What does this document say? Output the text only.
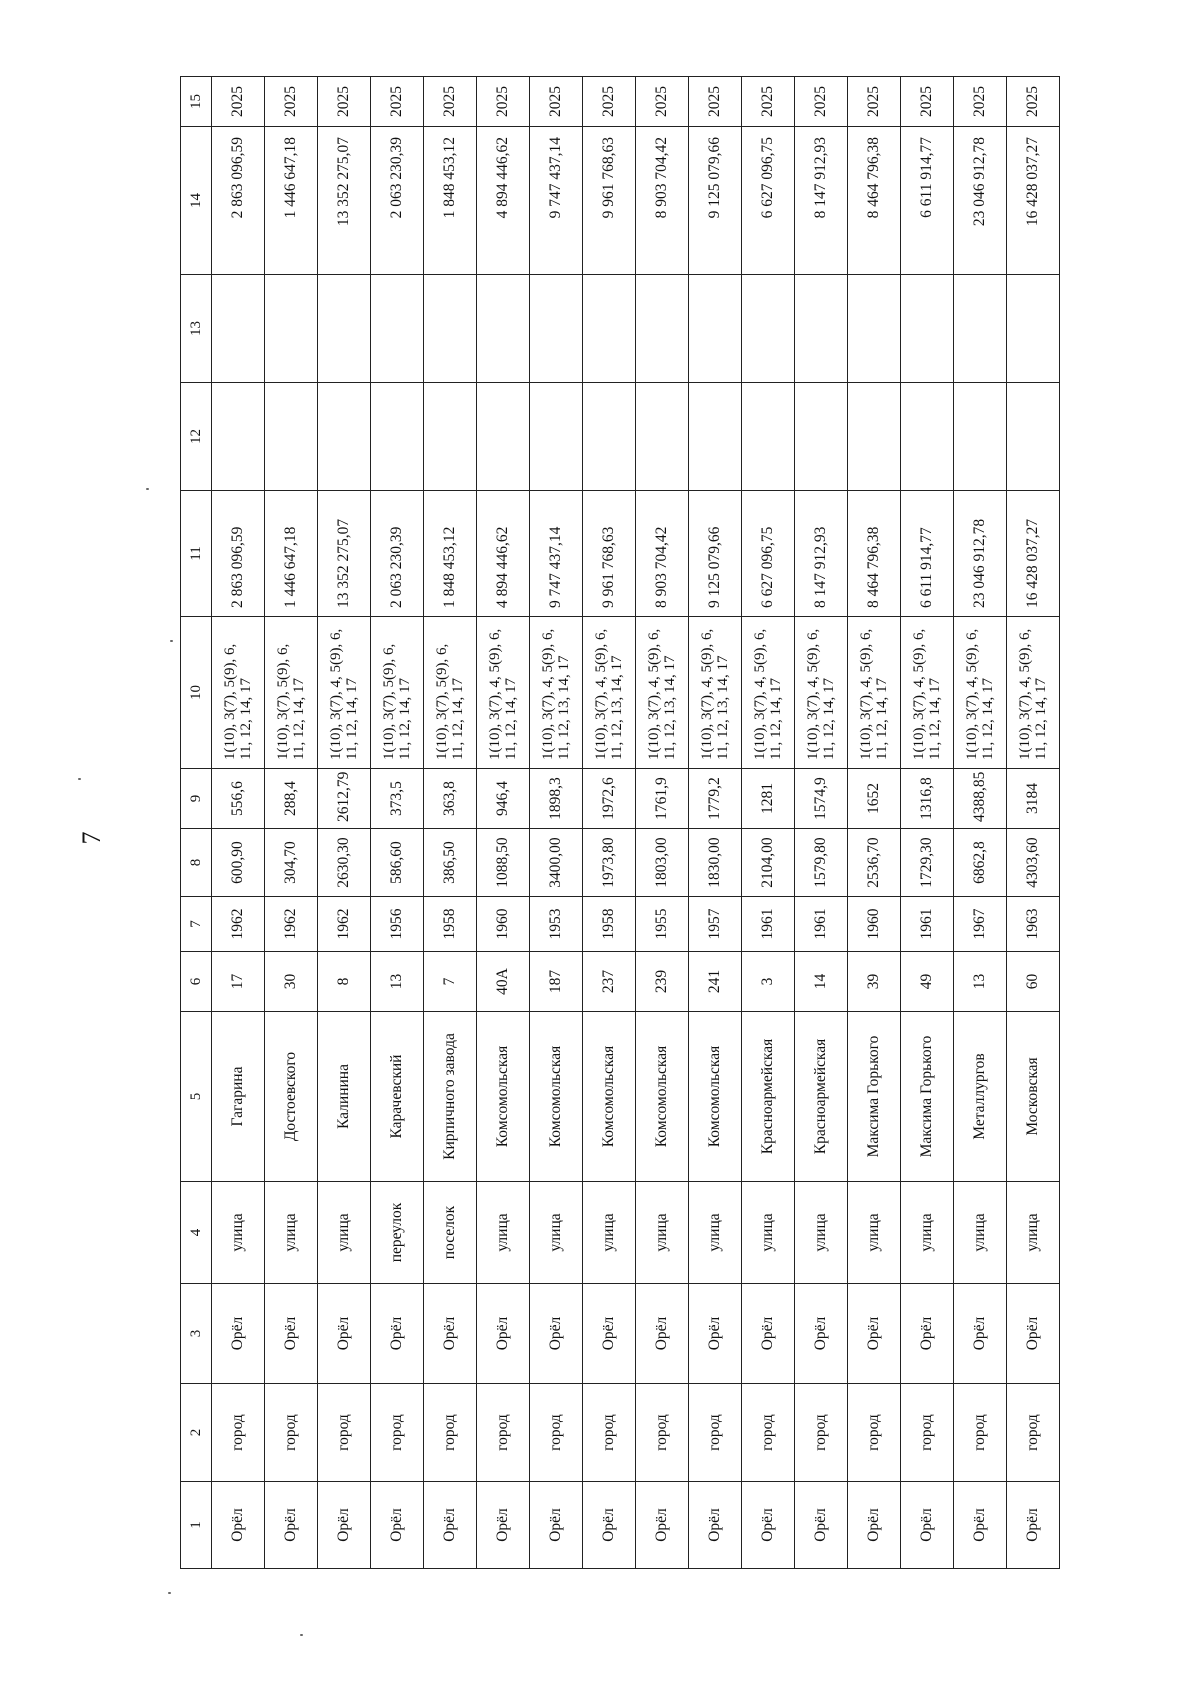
7
1	2	3	4	5	6	7	8	9	10	11	12	13	14	15
Орёл	город	Орёл	улица	Гагарина	17	1962	600,90	556,6	1(10), 3(7), 5(9), 6, 11, 12, 14, 17	2 863 096,59			2 863 096,59	2025
Орёл	город	Орёл	улица	Достоевского	30	1962	304,70	288,4	1(10), 3(7), 5(9), 6, 11, 12, 14, 17	1 446 647,18			1 446 647,18	2025
Орёл	город	Орёл	улица	Калинина	8	1962	2630,30	2612,79	1(10), 3(7), 4, 5(9), 6, 11, 12, 14, 17	13 352 275,07			13 352 275,07	2025
Орёл	город	Орёл	переулок	Карачевский	13	1956	586,60	373,5	1(10), 3(7), 5(9), 6, 11, 12, 14, 17	2 063 230,39			2 063 230,39	2025
Орёл	город	Орёл	поселок	Кирпичного завода	7	1958	386,50	363,8	1(10), 3(7), 5(9), 6, 11, 12, 14, 17	1 848 453,12			1 848 453,12	2025
Орёл	город	Орёл	улица	Комсомольская	40А	1960	1088,50	946,4	1(10), 3(7), 4, 5(9), 6, 11, 12, 14, 17	4 894 446,62			4 894 446,62	2025
Орёл	город	Орёл	улица	Комсомольская	187	1953	3400,00	1898,3	1(10), 3(7), 4, 5(9), 6, 11, 12, 13, 14, 17	9 747 437,14			9 747 437,14	2025
Орёл	город	Орёл	улица	Комсомольская	237	1958	1973,80	1972,6	1(10), 3(7), 4, 5(9), 6, 11, 12, 13, 14, 17	9 961 768,63			9 961 768,63	2025
Орёл	город	Орёл	улица	Комсомольская	239	1955	1803,00	1761,9	1(10), 3(7), 4, 5(9), 6, 11, 12, 13, 14, 17	8 903 704,42			8 903 704,42	2025
Орёл	город	Орёл	улица	Комсомольская	241	1957	1830,00	1779,2	1(10), 3(7), 4, 5(9), 6, 11, 12, 13, 14, 17	9 125 079,66			9 125 079,66	2025
Орёл	город	Орёл	улица	Красноармейская	3	1961	2104,00	1281	1(10), 3(7), 4, 5(9), 6, 11, 12, 14, 17	6 627 096,75			6 627 096,75	2025
Орёл	город	Орёл	улица	Красноармейская	14	1961	1579,80	1574,9	1(10), 3(7), 4, 5(9), 6, 11, 12, 14, 17	8 147 912,93			8 147 912,93	2025
Орёл	город	Орёл	улица	Максима Горького	39	1960	2536,70	1652	1(10), 3(7), 4, 5(9), 6, 11, 12, 14, 17	8 464 796,38			8 464 796,38	2025
Орёл	город	Орёл	улица	Максима Горького	49	1961	1729,30	1316,8	1(10), 3(7), 4, 5(9), 6, 11, 12, 14, 17	6 611 914,77			6 611 914,77	2025
Орёл	город	Орёл	улица	Металлургов	13	1967	6862,8	4388,85	1(10), 3(7), 4, 5(9), 6, 11, 12, 14, 17	23 046 912,78			23 046 912,78	2025
Орёл	город	Орёл	улица	Московская	60	1963	4303,60	3184	1(10), 3(7), 4, 5(9), 6, 11, 12, 14, 17	16 428 037,27			16 428 037,27	2025
